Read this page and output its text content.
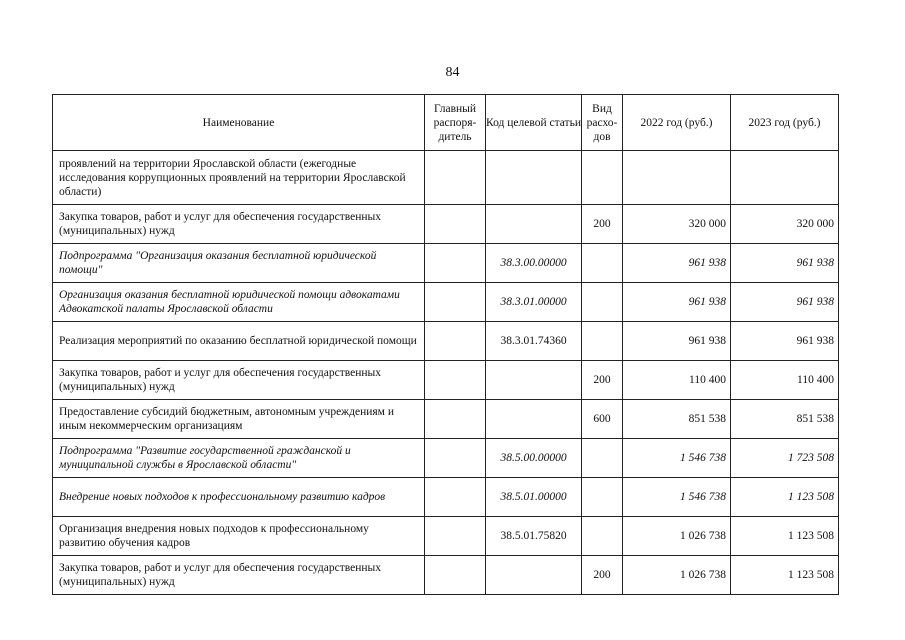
84
Наименование	Главный распоря-дитель	Код целевой статьи	Вид расхо-дов	2022 год (руб.)	2023 год (руб.)
проявлений на территории Ярославской области (ежегодные исследования коррупционных проявлений на территории Ярославской области)					
Закупка товаров, работ и услуг для обеспечения государственных (муниципальных) нужд			200	320 000	320 000
Подпрограмма "Организация оказания бесплатной юридической помощи"		38.3.00.00000		961 938	961 938
Организация оказания бесплатной юридической помощи адвокатами Адвокатской палаты Ярославской области		38.3.01.00000		961 938	961 938
Реализация мероприятий по оказанию бесплатной юридической помощи		38.3.01.74360		961 938	961 938
Закупка товаров, работ и услуг для обеспечения государственных (муниципальных) нужд			200	110 400	110 400
Предоставление субсидий бюджетным, автономным учреждениям и иным некоммерческим организациям			600	851 538	851 538
Подпрограмма "Развитие государственной гражданской и муниципальной службы в Ярославской области"		38.5.00.00000		1 546 738	1 723 508
Внедрение новых подходов к профессиональному развитию кадров		38.5.01.00000		1 546 738	1 123 508
Организация внедрения новых подходов к профессиональному развитию обучения кадров		38.5.01.75820		1 026 738	1 123 508
Закупка товаров, работ и услуг для обеспечения государственных (муниципальных) нужд			200	1 026 738	1 123 508
